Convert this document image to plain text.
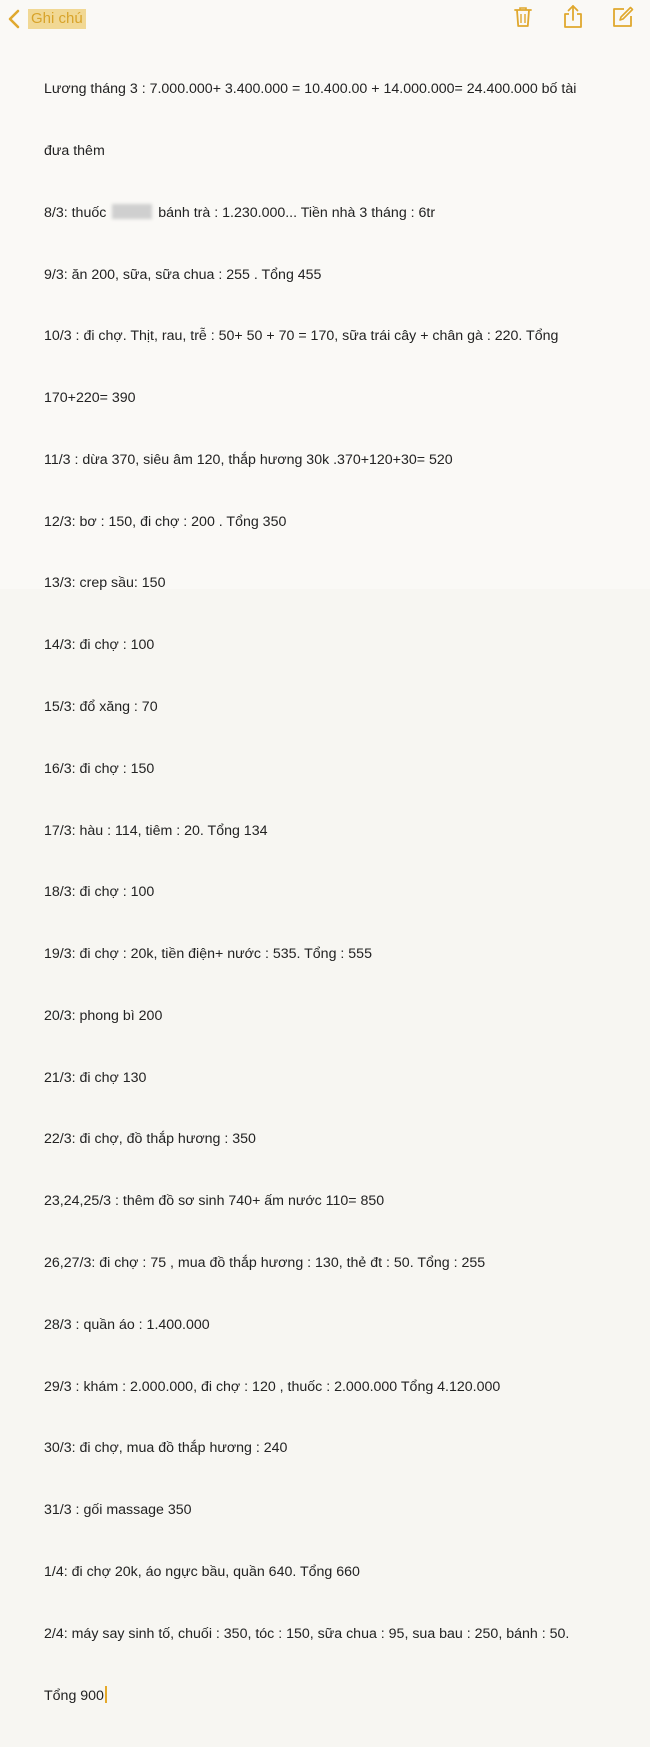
Ghi chú

Lương tháng 3 : 7.000.000+ 3.400.000 = 10.400.00 + 14.000.000= 24.400.000 bố tài

đưa thêm

8/3: thuốc	bánh trà : 1.230.000... Tiền nhà 3 tháng : 6tr

9/3: ăn 200, sữa, sữa chua : 255 . Tổng 455

10/3 : đi chợ. Thịt, rau, trễ : 50+ 50 + 70 = 170, sữa trái cây + chân gà : 220. Tổng

170+220= 390

11/3 : dừa 370, siêu âm 120, thắp hương 30k .370+120+30= 520

12/3: bơ : 150, đi chợ : 200 . Tổng 350

13/3: crep sầu: 150

14/3: đi chợ : 100

15/3: đổ xăng : 70

16/3: đi chợ : 150

17/3: hàu : 114, tiêm : 20. Tổng 134

18/3: đi chợ : 100

19/3: đi chợ : 20k, tiền điện+ nước : 535. Tổng : 555

20/3: phong bì 200

21/3: đi chợ 130

22/3: đi chợ, đồ thắp hương : 350

23,24,25/3 : thêm đồ sơ sinh 740+ ấm nước 110= 850

26,27/3: đi chợ : 75 , mua đồ thắp hương : 130, thẻ đt : 50. Tổng : 255

28/3 : quần áo : 1.400.000

29/3 : khám : 2.000.000, đi chợ : 120 , thuốc : 2.000.000 Tổng 4.120.000

30/3: đi chợ, mua đồ thắp hương : 240

31/3 : gối massage 350

1/4: đi chợ 20k, áo ngực bầu, quần 640. Tổng 660

2/4: máy say sinh tố, chuối : 350, tóc : 150, sữa chua : 95, sua bau : 250, bánh : 50.

Tổng 900
